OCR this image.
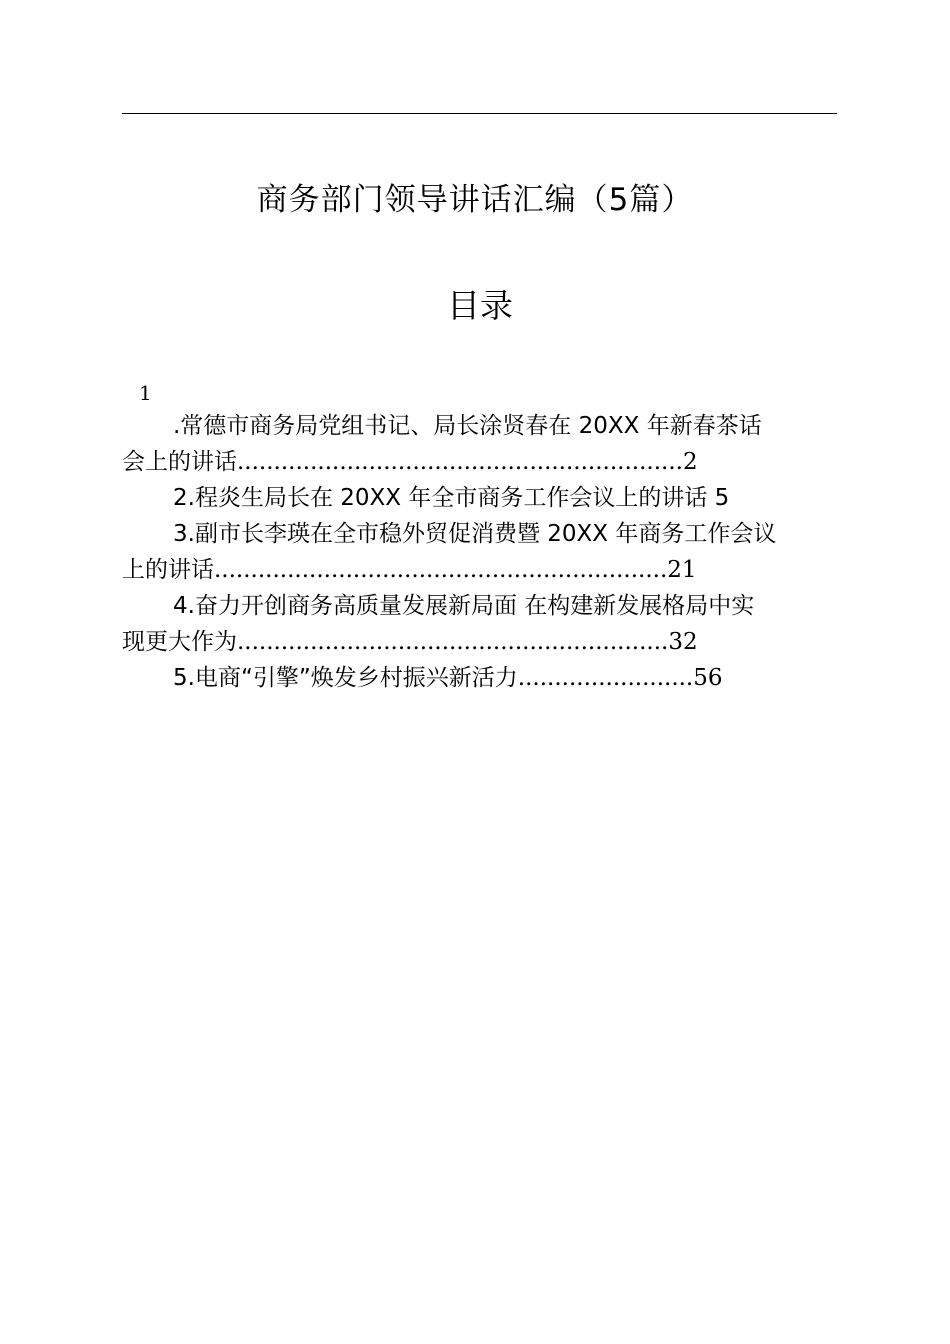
商务部门领导讲话汇编（5篇）
目录
1
.常德市商务局党组书记、局长涂贤春在 20XX 年新春茶话
会上的讲话.............................................................2
2.程炎生局长在 20XX 年全市商务工作会议上的讲话 5
3.副市长李瑛在全市稳外贸促消费暨 20XX 年商务工作会议
上的讲话..............................................................21
4.奋力开创商务高质量发展新局面 在构建新发展格局中实
现更大作为...........................................................32
5.电商“引擎”焕发乡村振兴新活力........................56
